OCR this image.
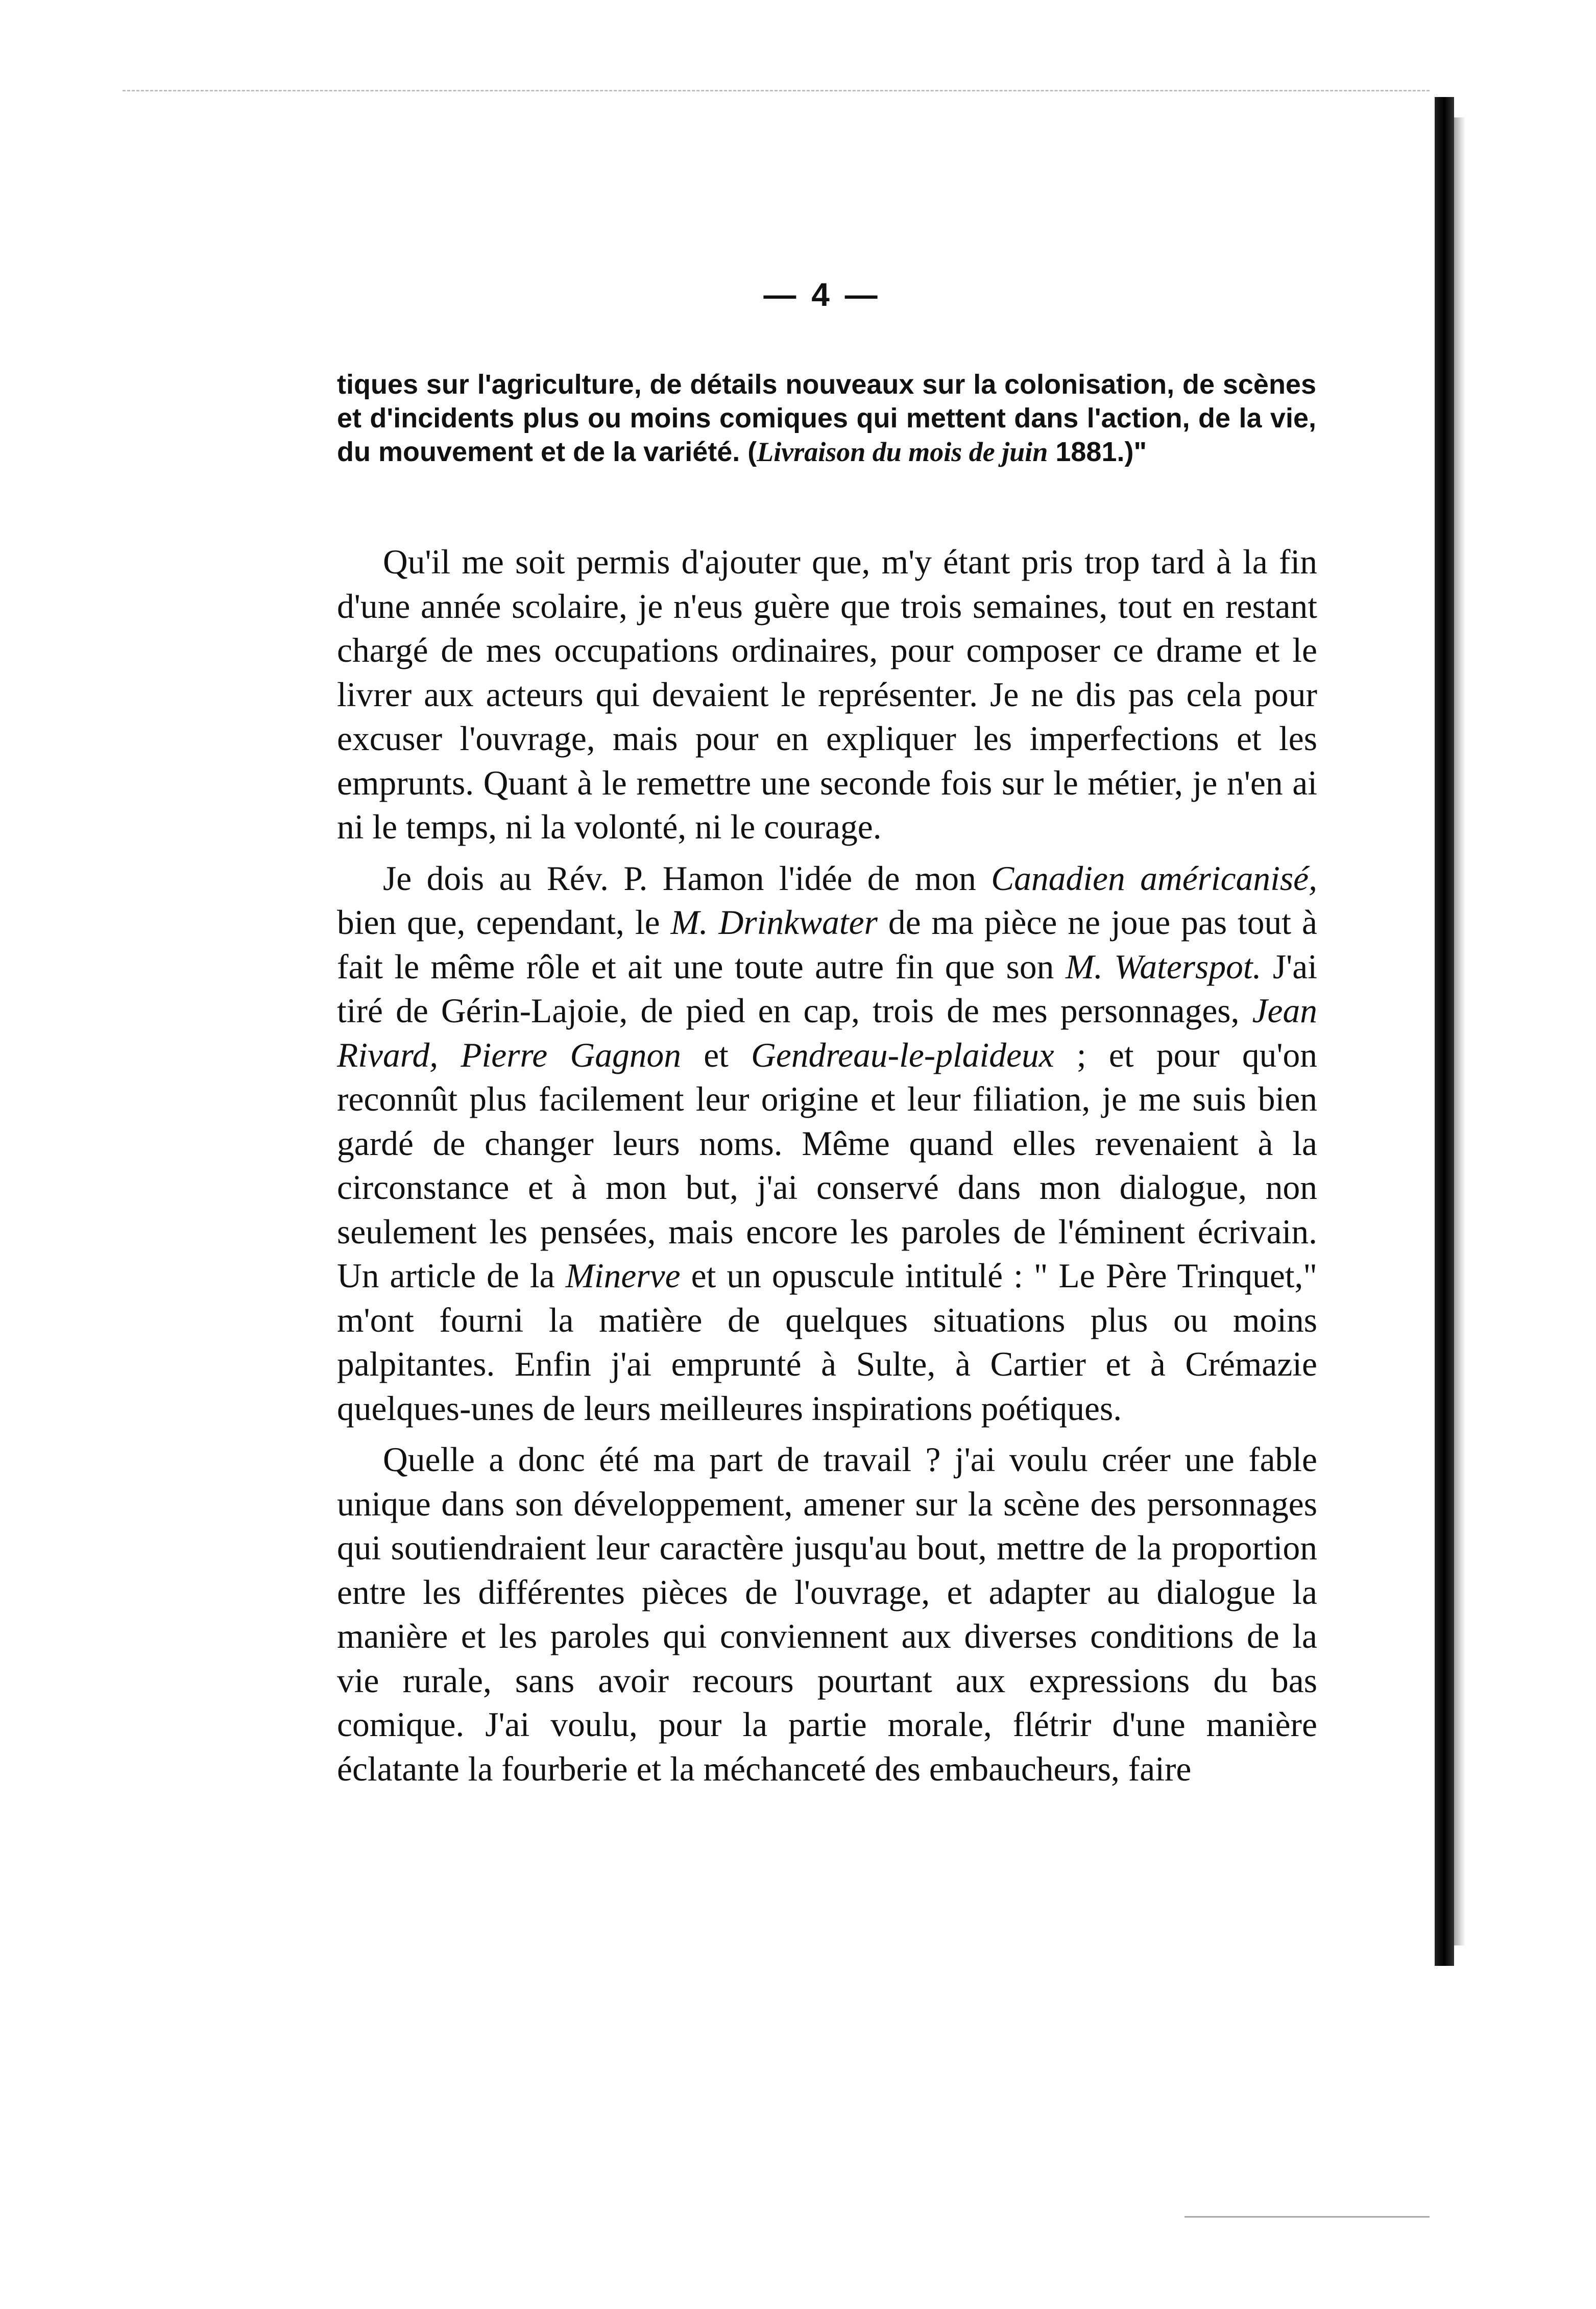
— 4 —
tiques sur l'agriculture, de détails nouveaux sur la colonisation, de scènes et d'incidents plus ou moins comiques qui mettent dans l'action, de la vie, du mouvement et de la variété. (Livraison du mois de juin 1881.)"

Qu'il me soit permis d'ajouter que, m'y étant pris trop tard à la fin d'une année scolaire, je n'eus guère que trois semaines, tout en restant chargé de mes occupations ordinaires, pour composer ce drame et le livrer aux acteurs qui devaient le représenter. Je ne dis pas cela pour excuser l'ouvrage, mais pour en expliquer les imperfections et les emprunts. Quant à le remettre une seconde fois sur le métier, je n'en ai ni le temps, ni la volonté, ni le courage.

Je dois au Rév. P. Hamon l'idée de mon Canadien américanisé, bien que, cependant, le M. Drinkwater de ma pièce ne joue pas tout à fait le même rôle et ait une toute autre fin que son M. Waterspot. J'ai tiré de Gérin-Lajoie, de pied en cap, trois de mes personnages, Jean Rivard, Pierre Gagnon et Gendreau-le-plaideux ; et pour qu'on reconnût plus facilement leur origine et leur filiation, je me suis bien gardé de changer leurs noms. Même quand elles revenaient à la circonstance et à mon but, j'ai conservé dans mon dialogue, non seulement les pensées, mais encore les paroles de l'éminent écrivain. Un article de la Minerve et un opuscule intitulé : " Le Père Trinquet," m'ont fourni la matière de quelques situations plus ou moins palpitantes. Enfin j'ai emprunté à Sulte, à Cartier et à Crémazie quelques-unes de leurs meilleures inspirations poétiques.

Quelle a donc été ma part de travail ? j'ai voulu créer une fable unique dans son développement, amener sur la scène des personnages qui soutiendraient leur caractère jusqu'au bout, mettre de la proportion entre les différentes pièces de l'ouvrage, et adapter au dialogue la manière et les paroles qui conviennent aux diverses conditions de la vie rurale, sans avoir recours pourtant aux expressions du bas comique. J'ai voulu, pour la partie morale, flétrir d'une manière éclatante la fourberie et la méchanceté des embaucheurs, faire
